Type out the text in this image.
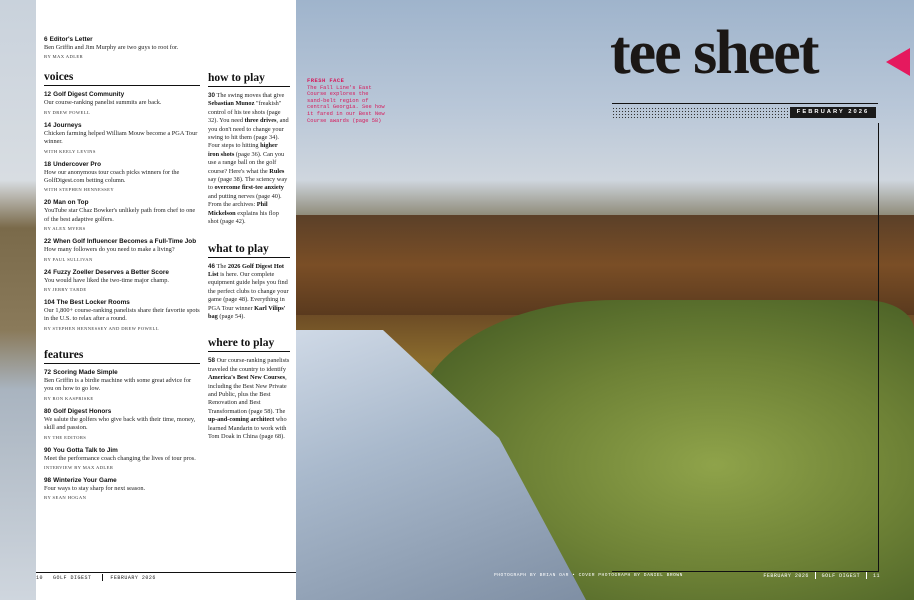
6 Editor's Letter
Ben Griffin and Jim Murphy are two guys to root for.
BY MAX ADLER
voices
12 Golf Digest Community
Our course-ranking panelist summits are back.
BY DREW POWELL
14 Journeys
Chicken farming helped William Mouw become a PGA Tour winner.
WITH KEELY LEVINS
18 Undercover Pro
How our anonymous tour coach picks winners for the GolfDigest.com betting column.
WITH STEPHEN HENNESSEY
20 Man on Top
YouTube star Chaz Bowker's unlikely path from chef to one of the best adaptive golfers.
BY ALEX MYERS
22 When Golf Influencer Becomes a Full-Time Job
How many followers do you need to make a living?
BY PAUL SULLIVAN
24 Fuzzy Zoeller Deserves a Better Score
You would have liked the two-time major champ.
BY JERRY TARDE
104 The Best Locker Rooms
Our 1,800+ course-ranking panelists share their favorite spots in the U.S. to relax after a round.
BY STEPHEN HENNESSEY AND DREW POWELL
features
72 Scoring Made Simple
Ben Griffin is a birdie machine with some great advice for you on how to go low.
BY RON KASPRISKE
80 Golf Digest Honors
We salute the golfers who give back with their time, money, skill and passion.
BY THE EDITORS
90 You Gotta Talk to Jim
Meet the performance coach changing the lives of tour pros.
INTERVIEW BY MAX ADLER
98 Winterize Your Game
Four ways to stay sharp for next season.
BY SEAN HOGAN
how to play
30 The swing moves that give Sebastian Munoz "freakish" control of his tee shots (page 32). You need three drives, and you don't need to change your swing to hit them (page 34). Four steps to hitting higher iron shots (page 36). Can you use a range ball on the golf course? Here's what the Rules say (page 38). The sciency way to overcome first-tee anxiety and putting nerves (page 40). From the archives: Phil Mickelson explains his flop shot (page 42).
what to play
46 The 2026 Golf Digest Hot List is here. Our complete equipment guide helps you find the perfect clubs to change your game (page 48). Everything in PGA Tour winner Karl Vilips' bag (page 54).
where to play
58 Our course-ranking panelists traveled the country to identify America's Best New Courses, including the Best New Private and Public, plus the Best Renovation and Best Transformation (page 58). The up-and-coming architect who learned Mandarin to work with Tom Doak in China (page 68).
FRESH FACE
The Fall Line's East Course explores the sand-belt region of central Georgia. See how it fared in our Best New Course awards (page 58)
tee sheet
FEBRUARY 2026
10 GOLF DIGEST	FEBRUARY 2026	PHOTOGRAPH BY BRIAN OAR • COVER PHOTOGRAPH BY DANIEL BROWN	FEBRUARY 2026	GOLF DIGEST	11
